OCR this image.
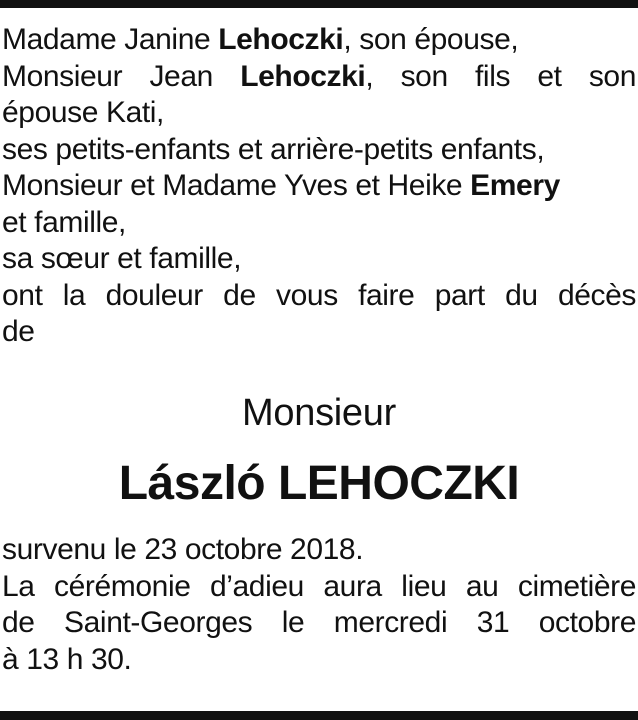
Madame Janine Lehoczki, son épouse,
Monsieur Jean Lehoczki, son fils et son
épouse Kati,
ses petits-enfants et arrière-petits enfants,
Monsieur et Madame Yves et Heike Emery
et famille,
sa sœur et famille,
ont la douleur de vous faire part du décès
de
Monsieur
László LEHOCZKI
survenu le 23 octobre 2018.
La cérémonie d’adieu aura lieu au cimetière
de Saint-Georges le mercredi 31 octobre
à 13 h 30.
